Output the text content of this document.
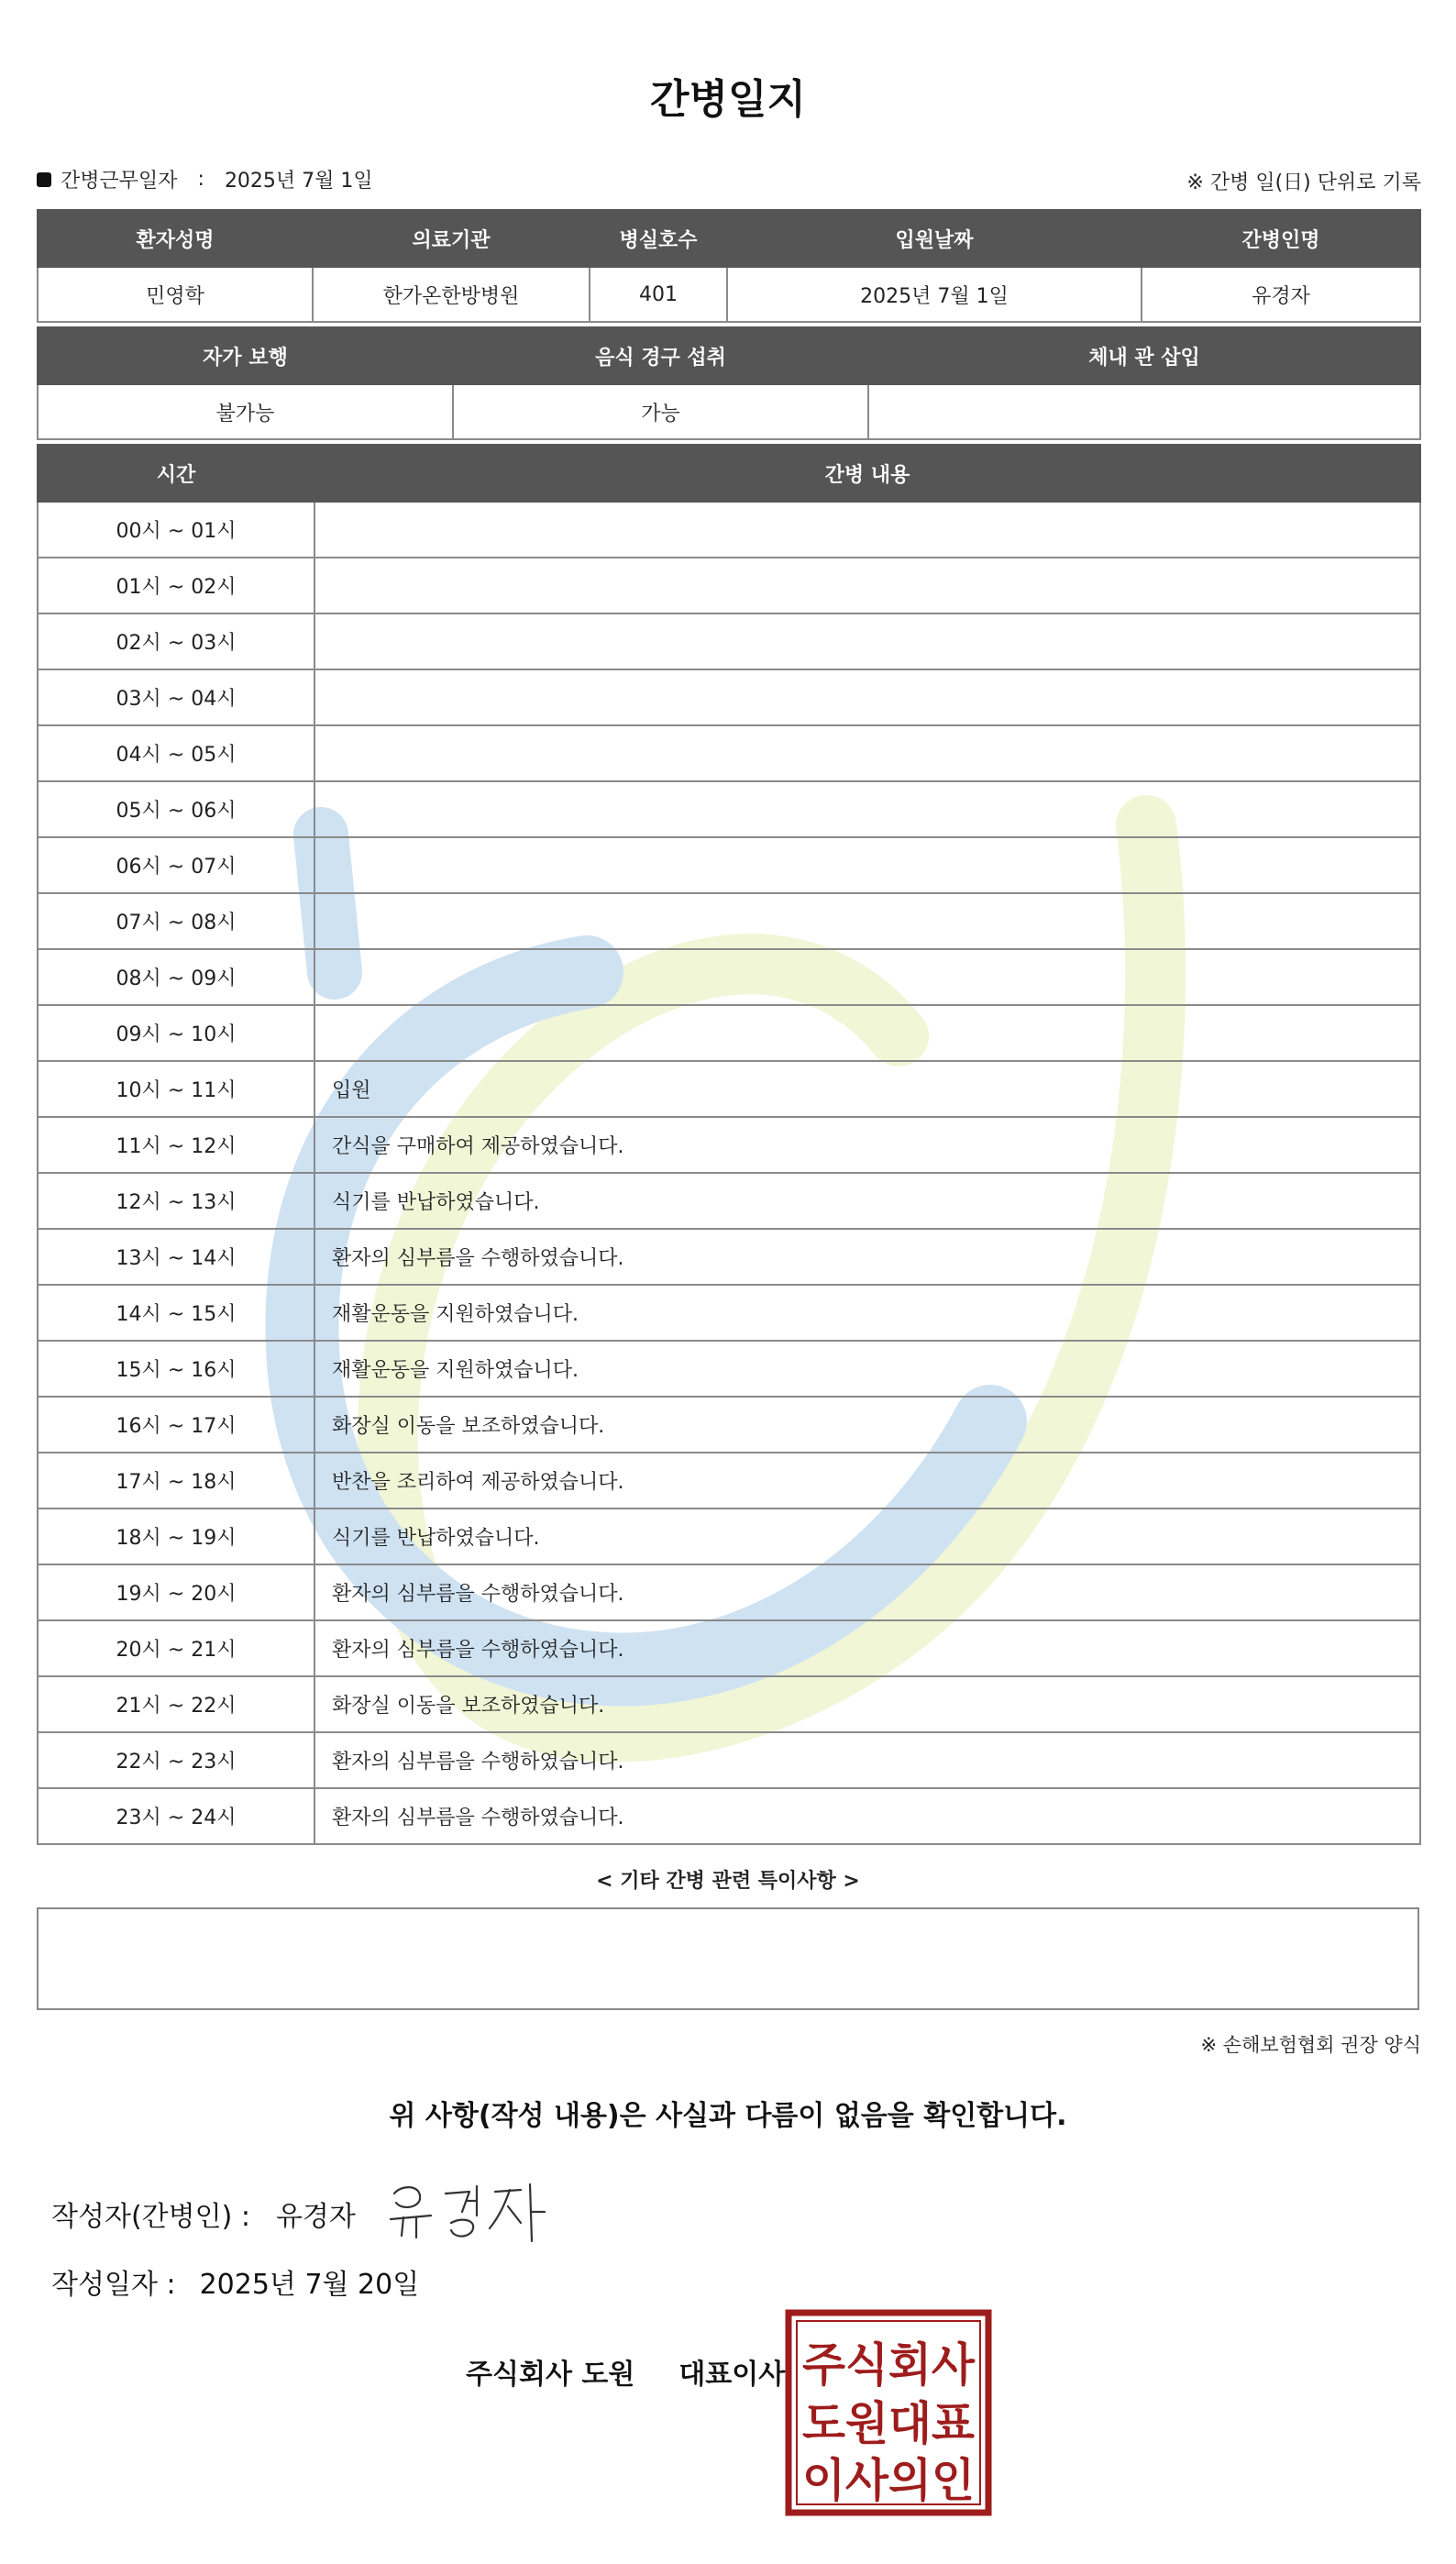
간병일지
간병근무일자 : 2025년 7월 1일	※ 간병 일(日) 단위로 기록
환자성명	의료기관	병실호수	입원날짜	간병인명
민영학	한가온한방병원	401	2025년 7월 1일	유경자
자가 보행	음식 경구 섭취	체내 관 삽입
불가능	가능	
시간	간병 내용
00시 ~ 01시	
01시 ~ 02시	
02시 ~ 03시	
03시 ~ 04시	
04시 ~ 05시	
05시 ~ 06시	
06시 ~ 07시	
07시 ~ 08시	
08시 ~ 09시	
09시 ~ 10시	
10시 ~ 11시	입원
11시 ~ 12시	간식을 구매하여 제공하였습니다.
12시 ~ 13시	식기를 반납하였습니다.
13시 ~ 14시	환자의 심부름을 수행하였습니다.
14시 ~ 15시	재활운동을 지원하였습니다.
15시 ~ 16시	재활운동을 지원하였습니다.
16시 ~ 17시	화장실 이동을 보조하였습니다.
17시 ~ 18시	반찬을 조리하여 제공하였습니다.
18시 ~ 19시	식기를 반납하였습니다.
19시 ~ 20시	환자의 심부름을 수행하였습니다.
20시 ~ 21시	환자의 심부름을 수행하였습니다.
21시 ~ 22시	화장실 이동을 보조하였습니다.
22시 ~ 23시	환자의 심부름을 수행하였습니다.
23시 ~ 24시	환자의 심부름을 수행하였습니다.
< 기타 간병 관련 특이사항 >
※ 손해보험협회 권장 양식
위 사항(작성 내용)은 사실과 다름이 없음을 확인합니다.
작성자(간병인) : 유경자
작성일자 : 2025년 7월 20일
주식회사 도원 대표이사 주식회사
도원대표
이사의인
